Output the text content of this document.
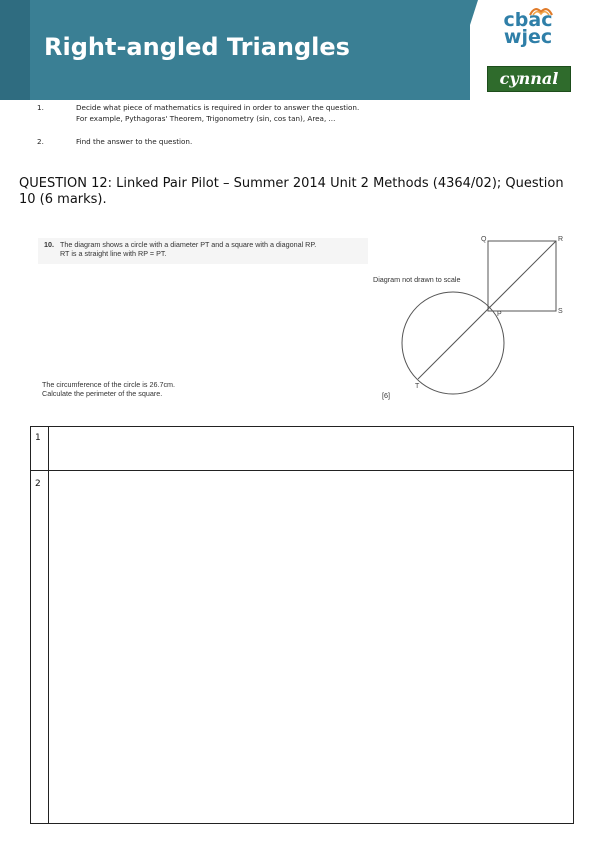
Right-angled Triangles
cbac
wjec
cynnal
1.	Decide what piece of mathematics is required in order to answer the question.
For example, Pythagoras' Theorem, Trigonometry (sin, cos tan), Area, ...
2.	Find the answer to the question.
QUESTION 12: Linked Pair Pilot – Summer 2014 Unit 2 Methods (4364/02); Question 10 (6 marks).
10. The diagram shows a circle with a diameter PT and a square with a diagonal RP.
RT is a straight line with RP = PT.
Diagram not drawn to scale
The circumference of the circle is 26.7cm.
Calculate the perimeter of the square.	[6]
Q	R
S
P
T
1
2
